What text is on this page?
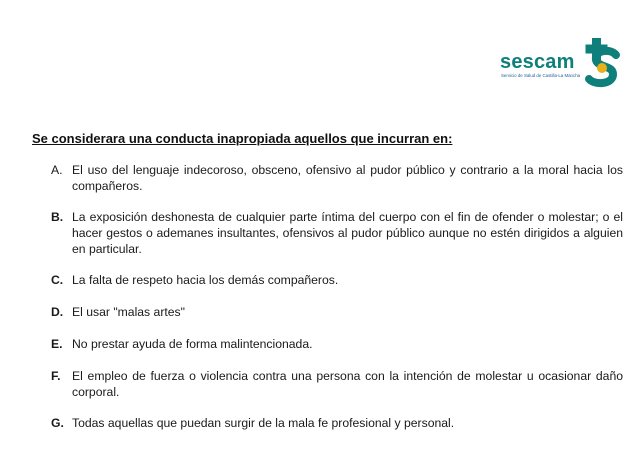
sescam
Servicio de Salud de Castilla-La Mancha
Se considerara una conducta inapropiada aquellos que incurran en:
A. El uso del lenguaje indecoroso, obsceno, ofensivo al pudor público y contrario a la moral hacia los compañeros.
B. La exposición deshonesta de cualquier parte íntima del cuerpo con el fin de ofender o molestar; o el hacer gestos o ademanes insultantes, ofensivos al pudor público aunque no estén dirigidos a alguien en particular.
C. La falta de respeto hacia los demás compañeros.
D. El usar "malas artes"
E. No prestar ayuda de forma malintencionada.
F. El empleo de fuerza o violencia contra una persona con la intención de molestar u ocasionar daño corporal.
G. Todas aquellas que puedan surgir de la mala fe profesional y personal.
